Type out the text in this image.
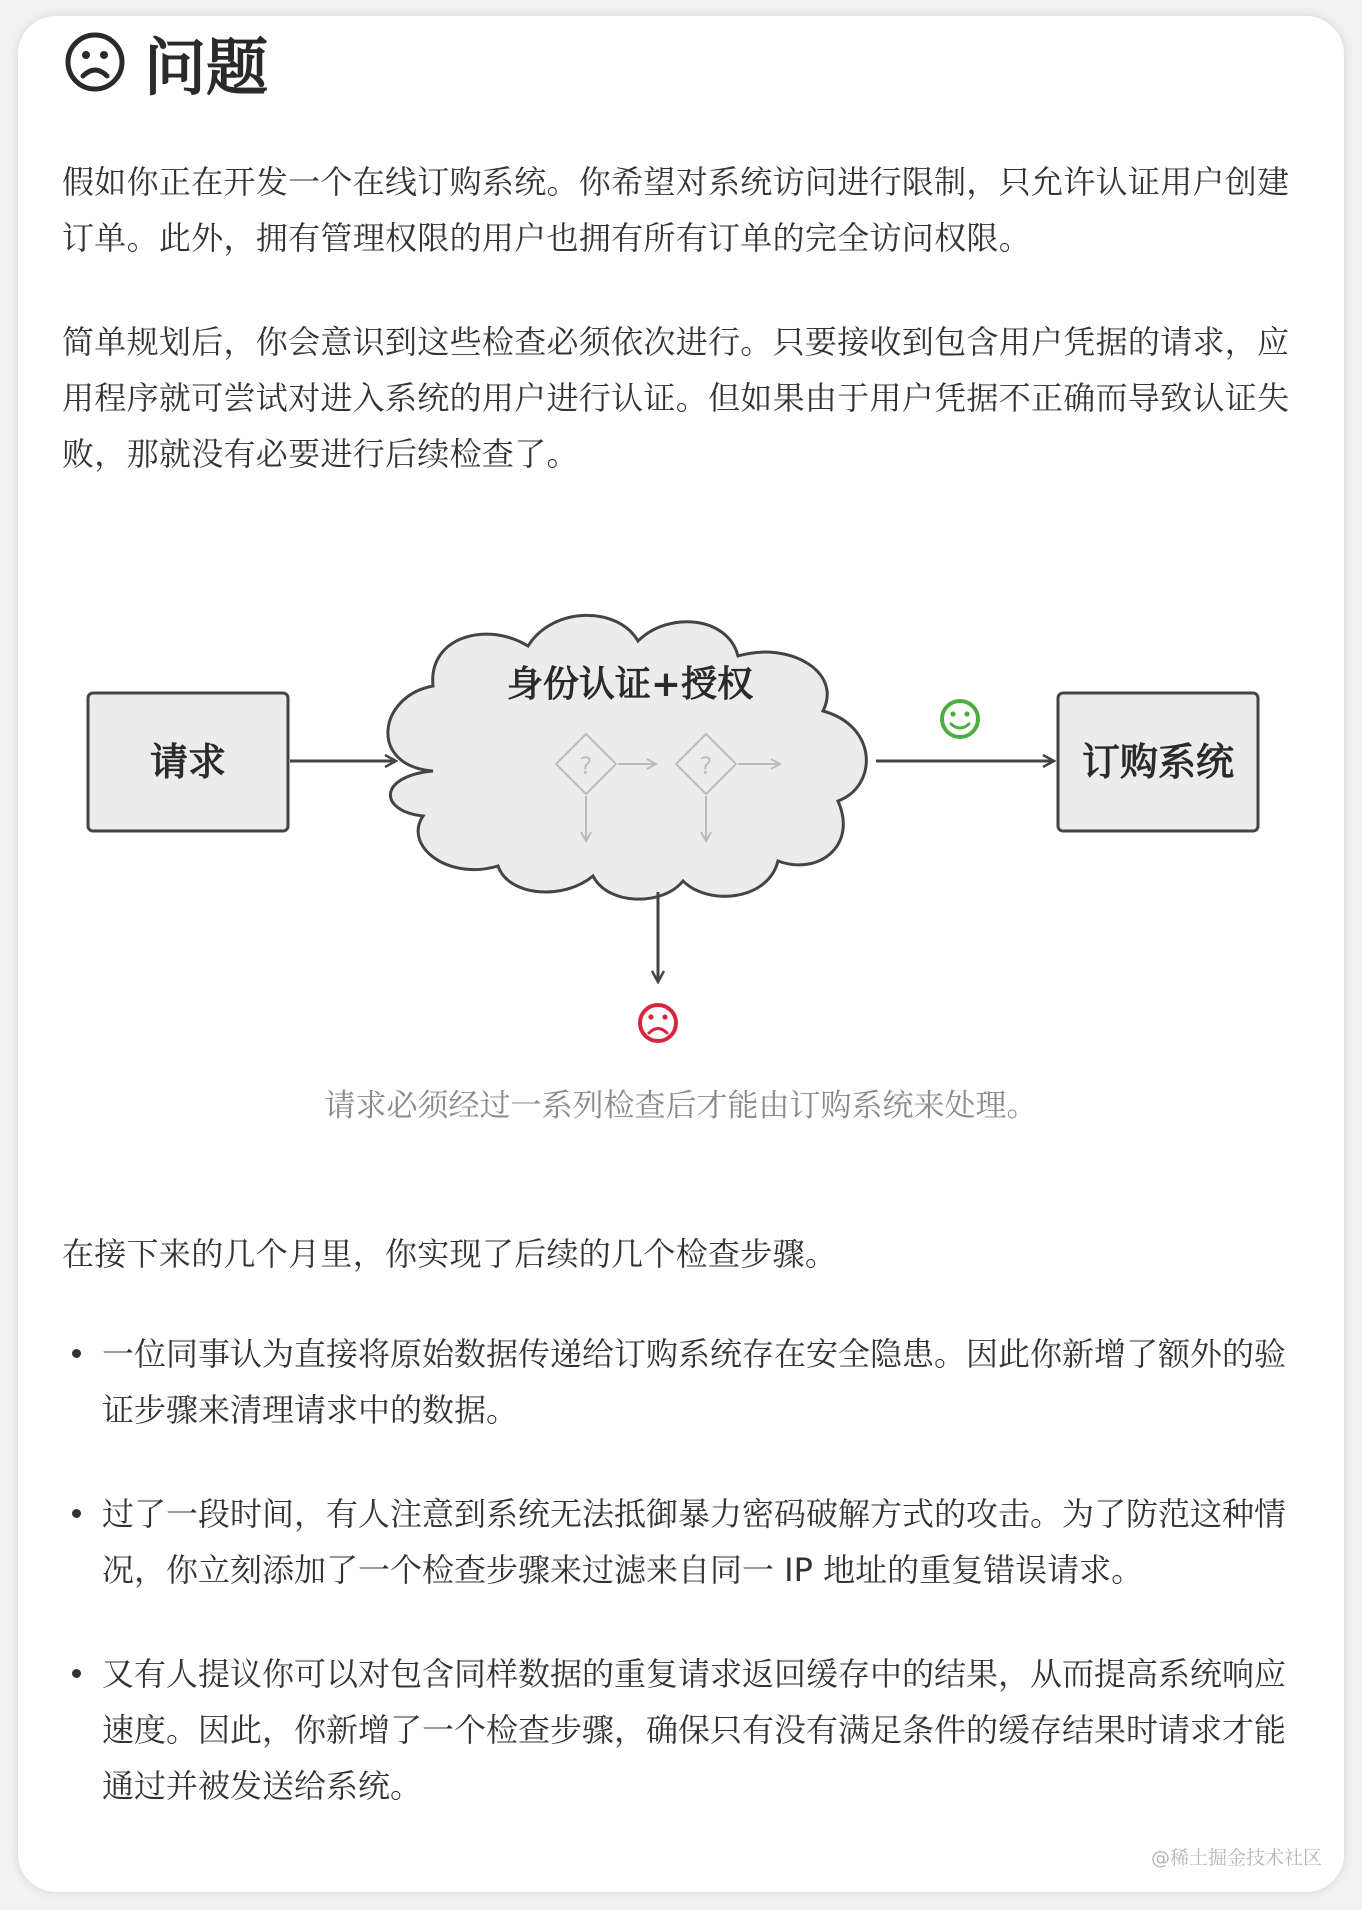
问题
假如你正在开发一个在线订购系统。你希望对系统访问进行限制，只允许认证用户创建订单。此外，拥有管理权限的用户也拥有所有订单的完全访问权限。
简单规划后，你会意识到这些检查必须依次进行。只要接收到包含用户凭据的请求，应用程序就可尝试对进入系统的用户进行认证。但如果由于用户凭据不正确而导致认证失败，那就没有必要进行后续检查了。
请求
身份认证+授权
?	?	订购系统
请求必须经过一系列检查后才能由订购系统来处理。
在接下来的几个月里，你实现了后续的几个检查步骤。
一位同事认为直接将原始数据传递给订购系统存在安全隐患。因此你新增了额外的验证步骤来清理请求中的数据。
过了一段时间，有人注意到系统无法抵御暴力密码破解方式的攻击。为了防范这种情况，你立刻添加了一个检查步骤来过滤来自同一 IP 地址的重复错误请求。
又有人提议你可以对包含同样数据的重复请求返回缓存中的结果，从而提高系统响应速度。因此，你新增了一个检查步骤，确保只有没有满足条件的缓存结果时请求才能通过并被发送给系统。
@稀土掘金技术社区
